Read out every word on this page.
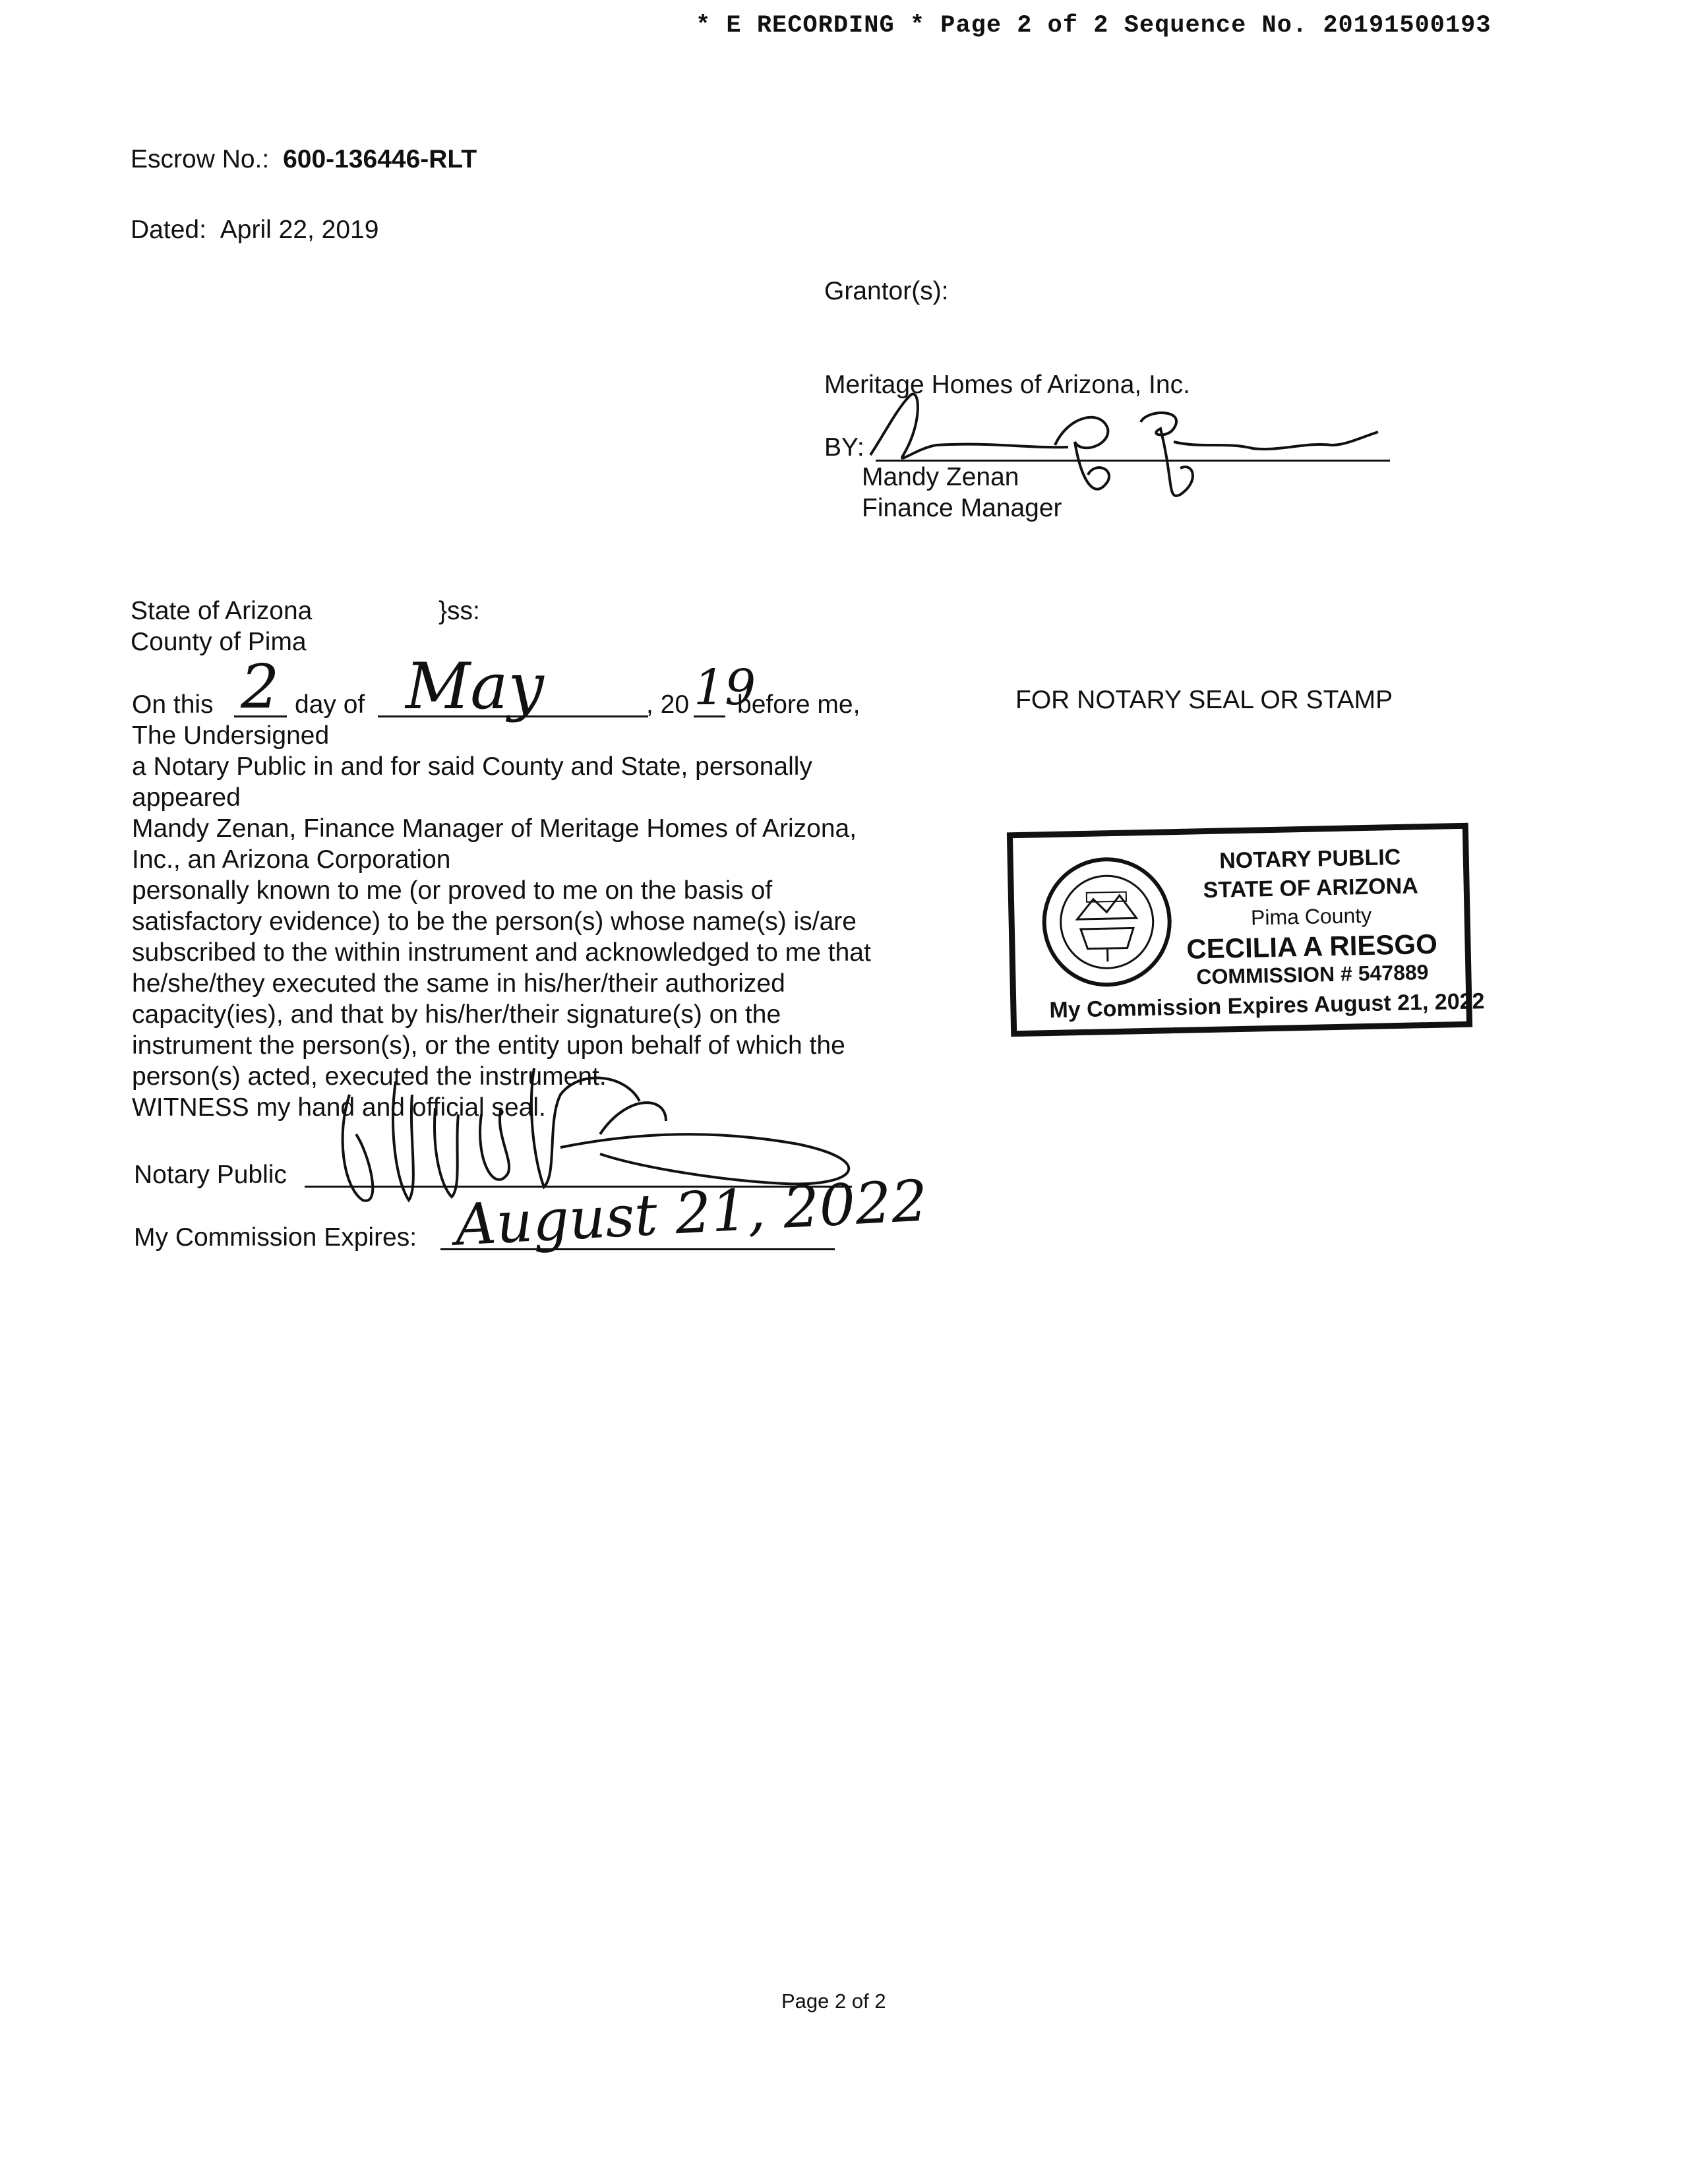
* E RECORDING * Page 2 of 2 Sequence No. 20191500193
Escrow No.: 600-136446-RLT
Dated: April 22, 2019
Grantor(s):
Meritage Homes of Arizona, Inc.
BY:
Mandy Zenan
Finance Manager
State of Arizona	}ss:
County of Pima
On this 2 day of May	, 20 19
before me,
The Undersigned
a Notary Public in and for said County and State, personally
appeared
Mandy Zenan, Finance Manager of Meritage Homes of Arizona,
Inc., an Arizona Corporation
personally known to me (or proved to me on the basis of
satisfactory evidence) to be the person(s) whose name(s) is/are
subscribed to the within instrument and acknowledged to me that
he/she/they executed the same in his/her/their authorized
capacity(ies), and that by his/her/their signature(s) on the
instrument the person(s), or the entity upon behalf of which the
person(s) acted, executed the instrument.
WITNESS my hand and official seal.
Notary Public
My Commission Expires: August 21, 2022
FOR NOTARY SEAL OR STAMP
NOTARY PUBLIC
STATE OF ARIZONA
Pima County
CECILIA A RIESGO
COMMISSION # 547889
My Commission Expires August 21, 2022
Page 2 of 2
